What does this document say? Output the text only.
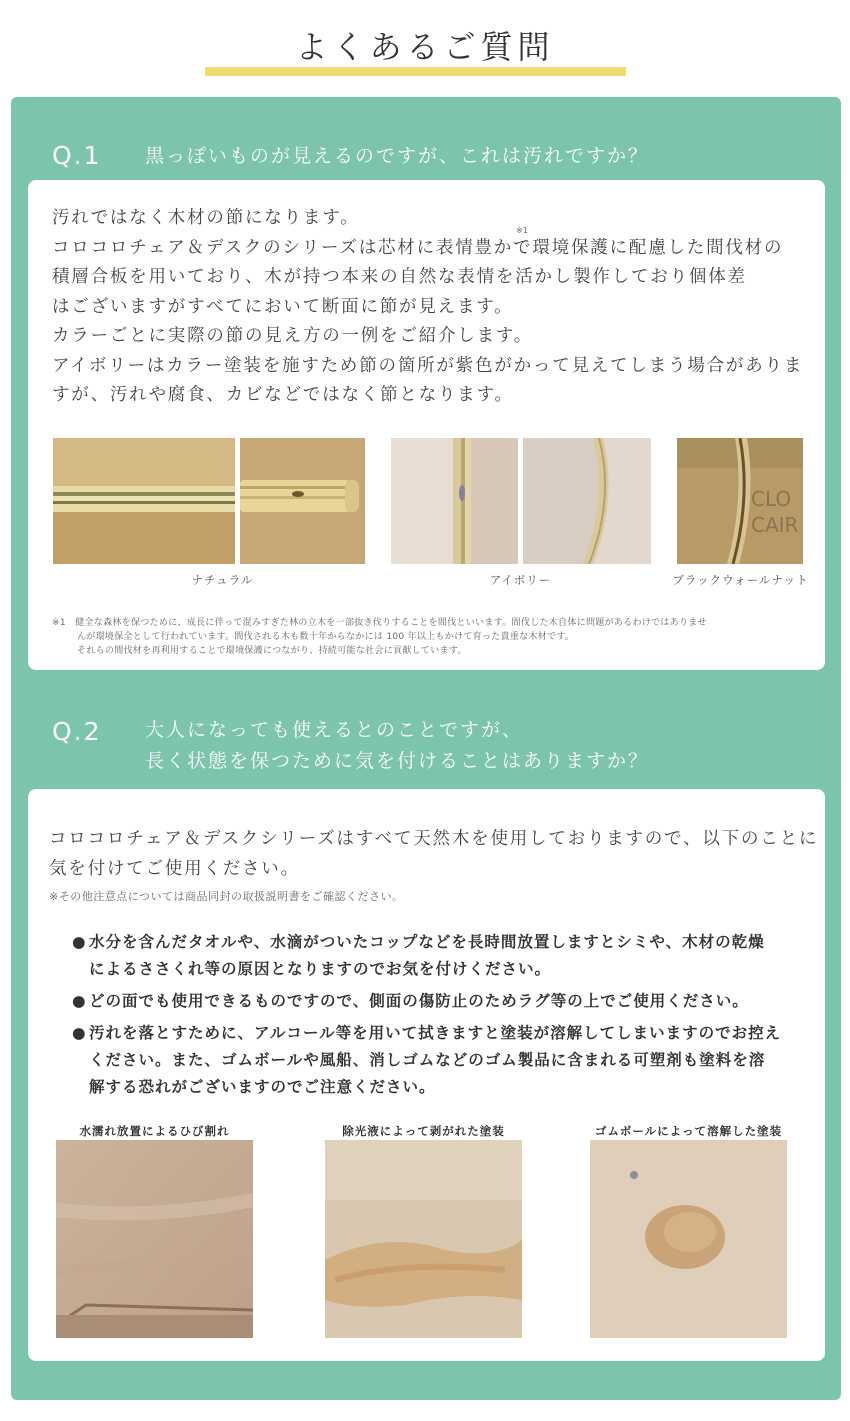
よくあるご質問
Q.1 黒っぽいものが見えるのですが、これは汚れですか？

汚れではなく木材の節になります。

コロコロチェア＆デスクのシリーズは芯材に表情豊かで環境保護に配慮した間伐材の

積層合板を用いており、木が持つ本来の自然な表情を活かし製作しており個体差

はございますがすべてにおいて断面に節が見えます。

カラーごとに実際の節の見え方の一例をご紹介します。

アイボリーはカラー塗装を施すため節の箇所が紫色がかって見えてしまう場合がありま

すが、汚れや腐食、カビなどではなく節となります。

※1
CLO
CAIR
ナチュラル	アイボリー	ブラックウォールナット

※1　健全な森林を保つために、成長に伴って混みすぎた林の立木を一部抜き伐りすることを間伐といいます。間伐した木自体に問題があるわけではありませ

んが環境保全として行われています。間伐される木も数十年からなかには 100 年以上もかけて育った貴重な木材です。

それらの間伐材を再利用することで環境保護につながり、持続可能な社会に貢献しています。

Q.2 大人になっても使えるとのことですが、
長く状態を保つために気を付けることはありますか？

コロコロチェア＆デスクシリーズはすべて天然木を使用しておりますので、以下のことに

気を付けてご使用ください。

※その他注意点については商品同封の取扱説明書をご確認ください。
● 水分を含んだタオルや、水滴がついたコップなどを長時間放置しますとシミや、木材の乾燥

によるささくれ等の原因となりますのでお気を付けください。

● どの面でも使用できるものですので、側面の傷防止のためラグ等の上でご使用ください。

● 汚れを落とすために、アルコール等を用いて拭きますと塗装が溶解してしまいますのでお控え

ください。また、ゴムボールや風船、消しゴムなどのゴム製品に含まれる可塑剤も塗料を溶

解する恐れがございますのでご注意ください。

水濡れ放置によるひび割れ	除光液によって剥がれた塗装	ゴムボールによって溶解した塗装
